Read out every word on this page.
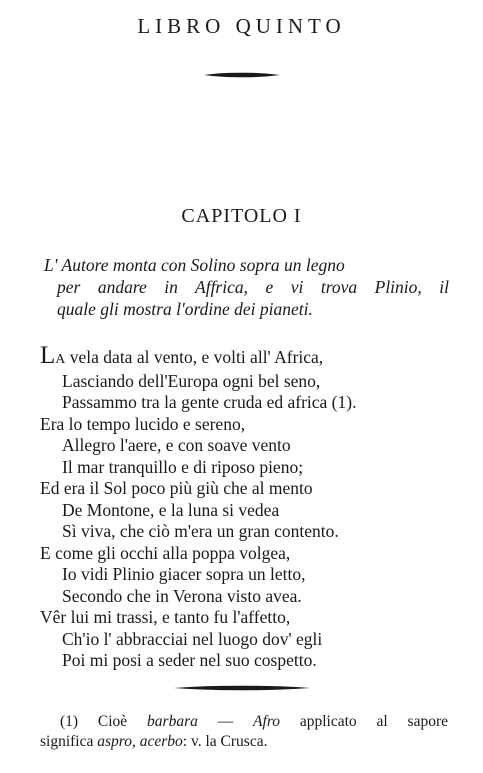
LIBRO QUINTO
CAPITOLO I
L' Autore monta con Solino sopra un legno
per andare in Affrica, e vi trova Plinio, il
quale gli mostra l'ordine dei pianeti.
LA vela data al vento, e volti all' Africa,
Lasciando dell'Europa ogni bel seno,
Passammo tra la gente cruda ed africa (1).
Era lo tempo lucido e sereno,
Allegro l'aere, e con soave vento
Il mar tranquillo e di riposo pieno;
Ed era il Sol poco più giù che al mento
De Montone, e la luna si vedea
Sì viva, che ciò m'era un gran contento.
E come gli occhi alla poppa volgea,
Io vidi Plinio giacer sopra un letto,
Secondo che in Verona visto avea.
Vêr lui mi trassi, e tanto fu l'affetto,
Ch'io l' abbracciai nel luogo dov' egli
Poi mi posi a seder nel suo cospetto.
(1) Cioè barbara — Afro applicato al sapore
significa aspro, acerbo: v. la Crusca.
